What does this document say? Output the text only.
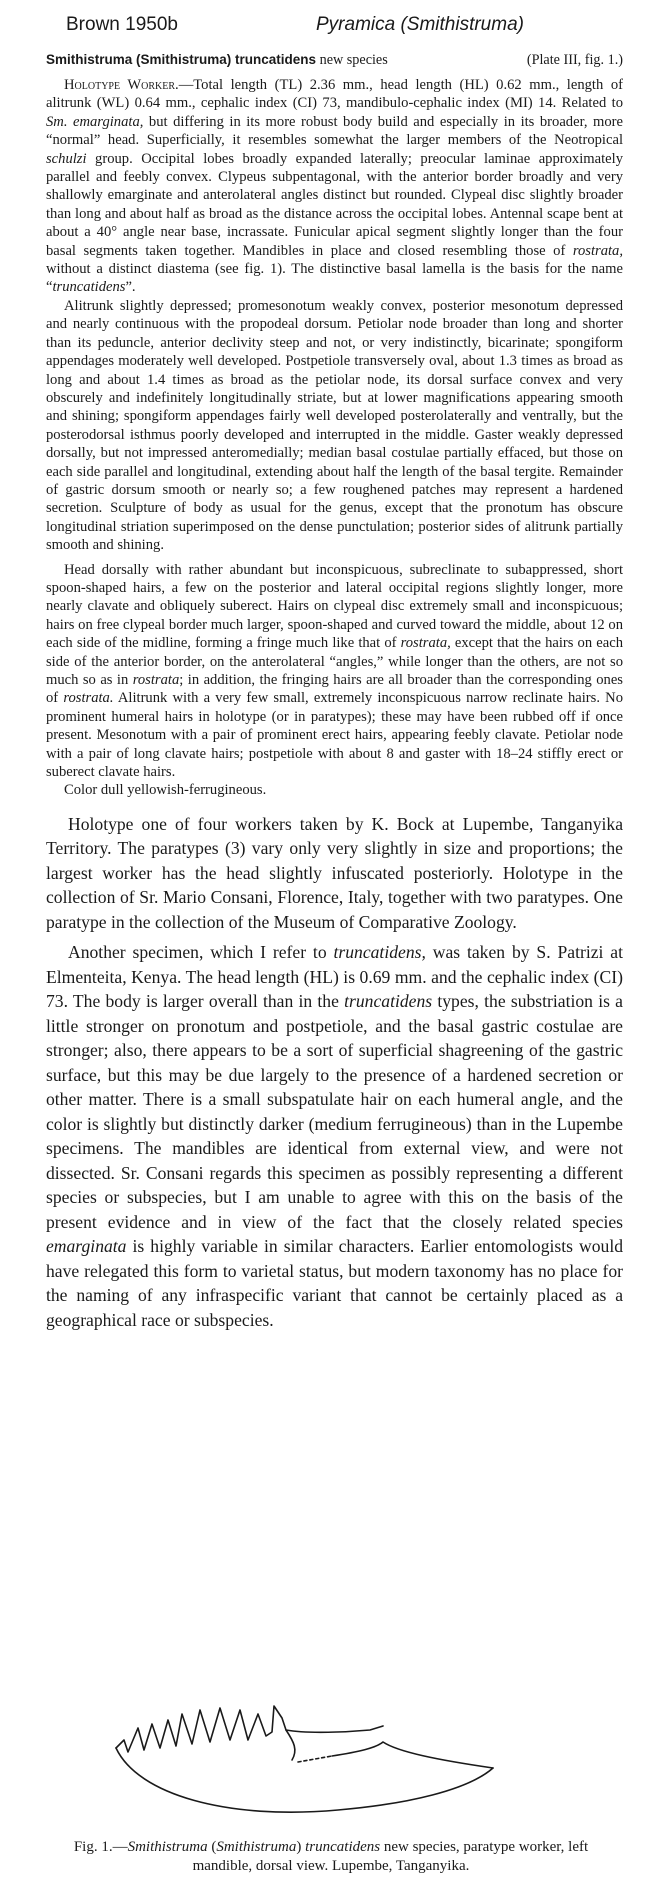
Brown 1950b	Pyramica (Smithistruma)
Smithistruma (Smithistruma) truncatidens new species	(Plate III, fig. 1.)

Holotype Worker.—Total length (TL) 2.36 mm., head length (HL) 0.62 mm., length of alitrunk (WL) 0.64 mm., cephalic index (CI) 73, mandibulo-cephalic index (MI) 14. Related to Sm. emarginata, but differing in its more robust body build and especially in its broader, more “normal” head. Superficially, it resembles somewhat the larger members of the Neotropical schulzi group. Occipital lobes broadly expanded laterally; preocular laminae approximately parallel and feebly convex. Clypeus subpentagonal, with the anterior border broadly and very shallowly emarginate and anterolateral angles distinct but rounded. Clypeal disc slightly broader than long and about half as broad as the distance across the occipital lobes. Antennal scape bent at about a 40° angle near base, incrassate. Funicular apical segment slightly longer than the four basal segments taken together. Mandibles in place and closed resembling those of rostrata, without a distinct diastema (see fig. 1). The distinctive basal lamella is the basis for the name “truncatidens”.

Alitrunk slightly depressed; promesonotum weakly convex, posterior mesonotum depressed and nearly continuous with the propodeal dorsum. Petiolar node broader than long and shorter than its peduncle, anterior declivity steep and not, or very indistinctly, bicarinate; spongiform appendages moderately well developed. Postpetiole transversely oval, about 1.3 times as broad as long and about 1.4 times as broad as the petiolar node, its dorsal surface convex and very obscurely and indefinitely longitudinally striate, but at lower magnifications appearing smooth and shining; spongiform appendages fairly well developed posterolaterally and ventrally, but the posterodorsal isthmus poorly developed and interrupted in the middle. Gaster weakly depressed dorsally, but not impressed anteromedially; median basal costulae partially effaced, but those on each side parallel and longitudinal, extending about half the length of the basal tergite. Remainder of gastric dorsum smooth or nearly so; a few roughened patches may represent a hardened secretion. Sculpture of body as usual for the genus, except that the pronotum has obscure longitudinal striation superimposed on the dense punctulation; posterior sides of alitrunk partially smooth and shining.

Head dorsally with rather abundant but inconspicuous, subreclinate to subappressed, short spoon-shaped hairs, a few on the posterior and lateral occipital regions slightly longer, more nearly clavate and obliquely suberect. Hairs on clypeal disc extremely small and inconspicuous; hairs on free clypeal border much larger, spoon-shaped and curved toward the middle, about 12 on each side of the midline, forming a fringe much like that of rostrata, except that the hairs on each side of the anterior border, on the anterolateral “angles,” while longer than the others, are not so much so as in rostrata; in addition, the fringing hairs are all broader than the corresponding ones of rostrata. Alitrunk with a very few small, extremely inconspicuous narrow reclinate hairs. No prominent humeral hairs in holotype (or in paratypes); these may have been rubbed off if once present. Mesonotum with a pair of prominent erect hairs, appearing feebly clavate. Petiolar node with a pair of long clavate hairs; postpetiole with about 8 and gaster with 18–24 stiffly erect or suberect clavate hairs.

Color dull yellowish-ferrugineous.

Holotype one of four workers taken by K. Bock at Lupembe, Tanganyika Territory. The paratypes (3) vary only very slightly in size and proportions; the largest worker has the head slightly infuscated posteriorly. Holotype in the collection of Sr. Mario Consani, Florence, Italy, together with two paratypes. One paratype in the collection of the Museum of Comparative Zoology.

Another specimen, which I refer to truncatidens, was taken by S. Patrizi at Elmenteita, Kenya. The head length (HL) is 0.69 mm. and the cephalic index (CI) 73. The body is larger overall than in the truncatidens types, the substriation is a little stronger on pronotum and postpetiole, and the basal gastric costulae are stronger; also, there appears to be a sort of superficial shagreening of the gastric surface, but this may be due largely to the presence of a hardened secretion or other matter. There is a small subspatulate hair on each humeral angle, and the color is slightly but distinctly darker (medium ferrugineous) than in the Lupembe specimens. The mandibles are identical from external view, and were not dissected. Sr. Consani regards this specimen as possibly representing a different species or subspecies, but I am unable to agree with this on the basis of the present evidence and in view of the fact that the closely related species emarginata is highly variable in similar characters. Earlier entomologists would have relegated this form to varietal status, but modern taxonomy has no place for the naming of any infraspecific variant that cannot be certainly placed as a geographical race or subspecies.

Fig. 1.—Smithistruma (Smithistruma) truncatidens new species, paratype worker, left mandible, dorsal view. Lupembe, Tanganyika.
